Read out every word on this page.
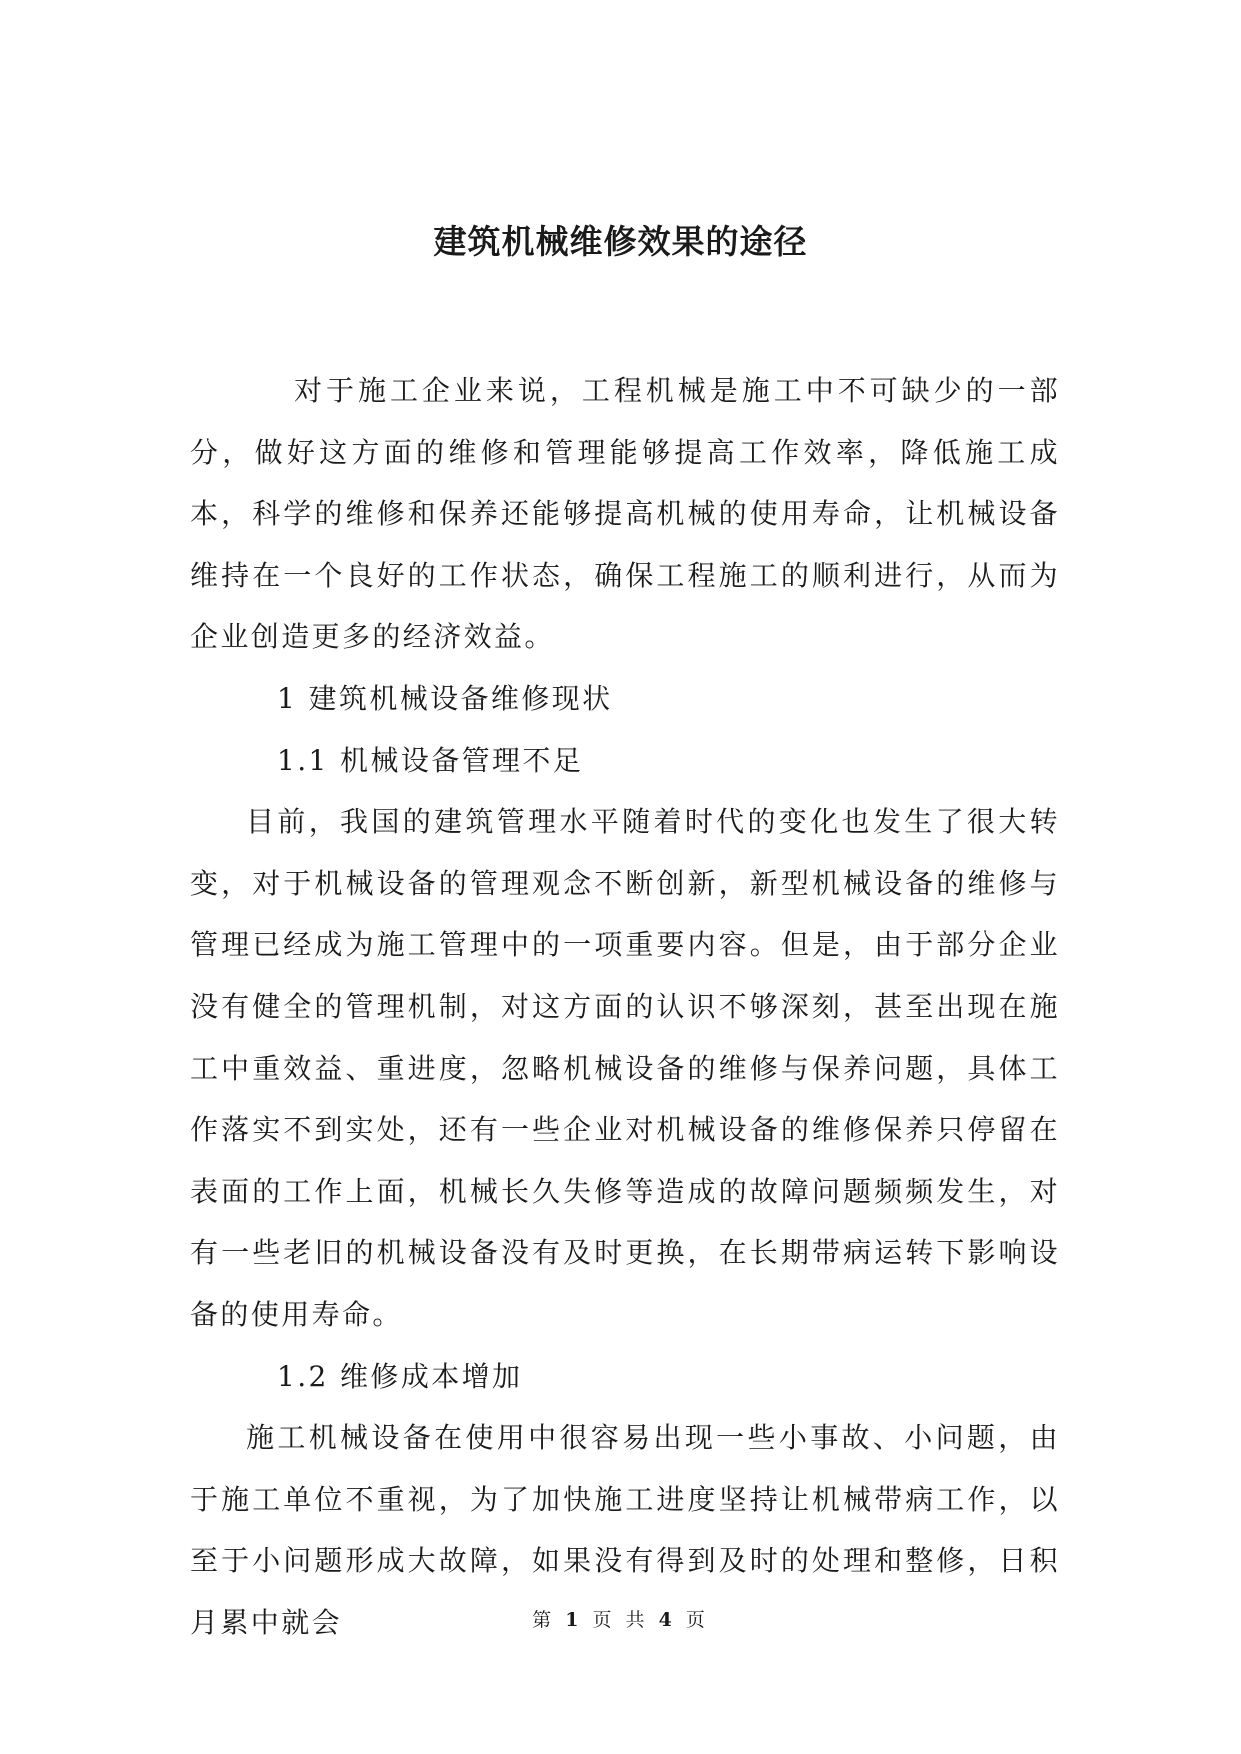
建筑机械维修效果的途径

对于施工企业来说，工程机械是施工中不可缺少的一部分，做好这方面的维修和管理能够提高工作效率，降低施工成本，科学的维修和保养还能够提高机械的使用寿命，让机械设备维持在一个良好的工作状态，确保工程施工的顺利进行，从而为企业创造更多的经济效益。

1 建筑机械设备维修现状

1.1 机械设备管理不足

目前，我国的建筑管理水平随着时代的变化也发生了很大转变，对于机械设备的管理观念不断创新，新型机械设备的维修与管理已经成为施工管理中的一项重要内容。但是，由于部分企业没有健全的管理机制，对这方面的认识不够深刻，甚至出现在施工中重效益、重进度，忽略机械设备的维修与保养问题，具体工作落实不到实处，还有一些企业对机械设备的维修保养只停留在表面的工作上面，机械长久失修等造成的故障问题频频发生，对有一些老旧的机械设备没有及时更换，在长期带病运转下影响设备的使用寿命。

1.2 维修成本增加

施工机械设备在使用中很容易出现一些小事故、小问题，由于施工单位不重视，为了加快施工进度坚持让机械带病工作，以至于小问题形成大故障，如果没有得到及时的处理和整修，日积月累中就会	第 1 页 共 4 页
